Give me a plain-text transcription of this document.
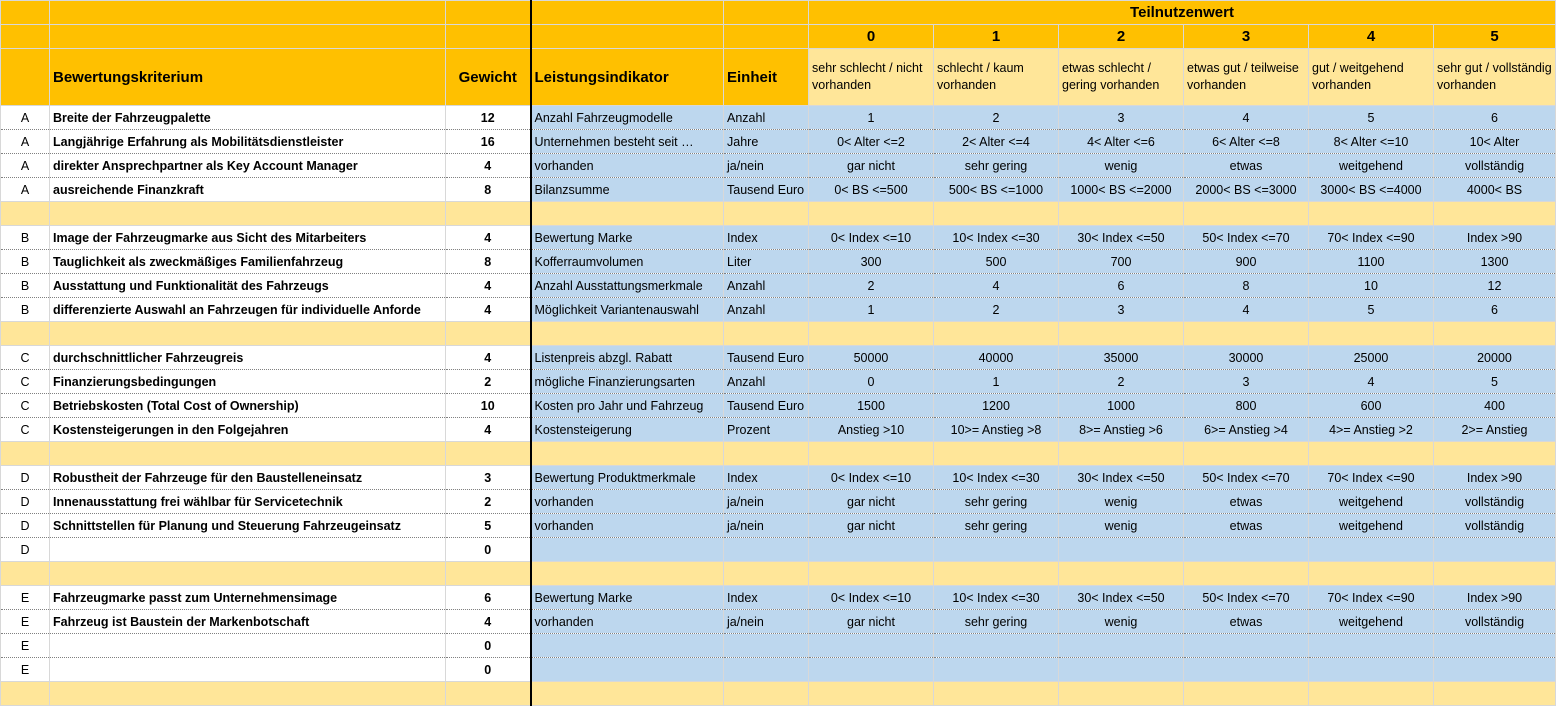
					Teilnutzenwert					
					0	1	2	3	4	5
	Bewertungskriterium	Gewicht	Leistungsindikator	Einheit	sehr schlecht / nicht vorhanden	schlecht / kaum vorhanden	etwas schlecht / gering vorhanden	etwas gut / teilweise vorhanden	gut / weitgehend vorhanden	sehr gut / vollständig vorhanden
A	Breite der Fahrzeugpalette	12	Anzahl Fahrzeugmodelle	Anzahl	1	2	3	4	5	6
A	Langjährige Erfahrung als Mobilitätsdienstleister	16	Unternehmen besteht seit …	Jahre	0< Alter <=2	2< Alter <=4	4< Alter <=6	6< Alter <=8	8< Alter <=10	10< Alter
A	direkter Ansprechpartner als Key Account Manager	4	vorhanden	ja/nein	gar nicht	sehr gering	wenig	etwas	weitgehend	vollständig
A	ausreichende Finanzkraft	8	Bilanzsumme	Tausend Euro	0< BS <=500	500< BS <=1000	1000< BS <=2000	2000< BS <=3000	3000< BS <=4000	4000< BS

B	Image der Fahrzeugmarke aus Sicht des Mitarbeiters	4	Bewertung Marke	Index	0< Index <=10	10< Index <=30	30< Index <=50	50< Index <=70	70< Index <=90	Index >90
B	Tauglichkeit als zweckmäßiges Familienfahrzeug	8	Kofferraumvolumen	Liter	300	500	700	900	1100	1300
B	Ausstattung und Funktionalität des Fahrzeugs	4	Anzahl Ausstattungsmerkmale	Anzahl	2	4	6	8	10	12
B	differenzierte Auswahl an Fahrzeugen für individuelle Anforde	4	Möglichkeit Variantenauswahl	Anzahl	1	2	3	4	5	6

C	durchschnittlicher Fahrzeugreis	4	Listenpreis abzgl. Rabatt	Tausend Euro	50000	40000	35000	30000	25000	20000
C	Finanzierungsbedingungen	2	mögliche Finanzierungsarten	Anzahl	0	1	2	3	4	5
C	Betriebskosten (Total Cost of Ownership)	10	Kosten pro Jahr und Fahrzeug	Tausend Euro	1500	1200	1000	800	600	400
C	Kostensteigerungen in den Folgejahren	4	Kostensteigerung	Prozent	Anstieg >10	10>= Anstieg >8	8>= Anstieg >6	6>= Anstieg >4	4>= Anstieg >2	2>= Anstieg

D	Robustheit der Fahrzeuge für den Baustelleneinsatz	3	Bewertung Produktmerkmale	Index	0< Index <=10	10< Index <=30	30< Index <=50	50< Index <=70	70< Index <=90	Index >90
D	Innenausstattung frei wählbar für Servicetechnik	2	vorhanden	ja/nein	gar nicht	sehr gering	wenig	etwas	weitgehend	vollständig
D	Schnittstellen für Planung und Steuerung Fahrzeugeinsatz	5	vorhanden	ja/nein	gar nicht	sehr gering	wenig	etwas	weitgehend	vollständig
D		0								

E	Fahrzeugmarke passt zum Unternehmensimage	6	Bewertung Marke	Index	0< Index <=10	10< Index <=30	30< Index <=50	50< Index <=70	70< Index <=90	Index >90
E	Fahrzeug ist Baustein der Markenbotschaft	4	vorhanden	ja/nein	gar nicht	sehr gering	wenig	etwas	weitgehend	vollständig
E		0								
E		0								
